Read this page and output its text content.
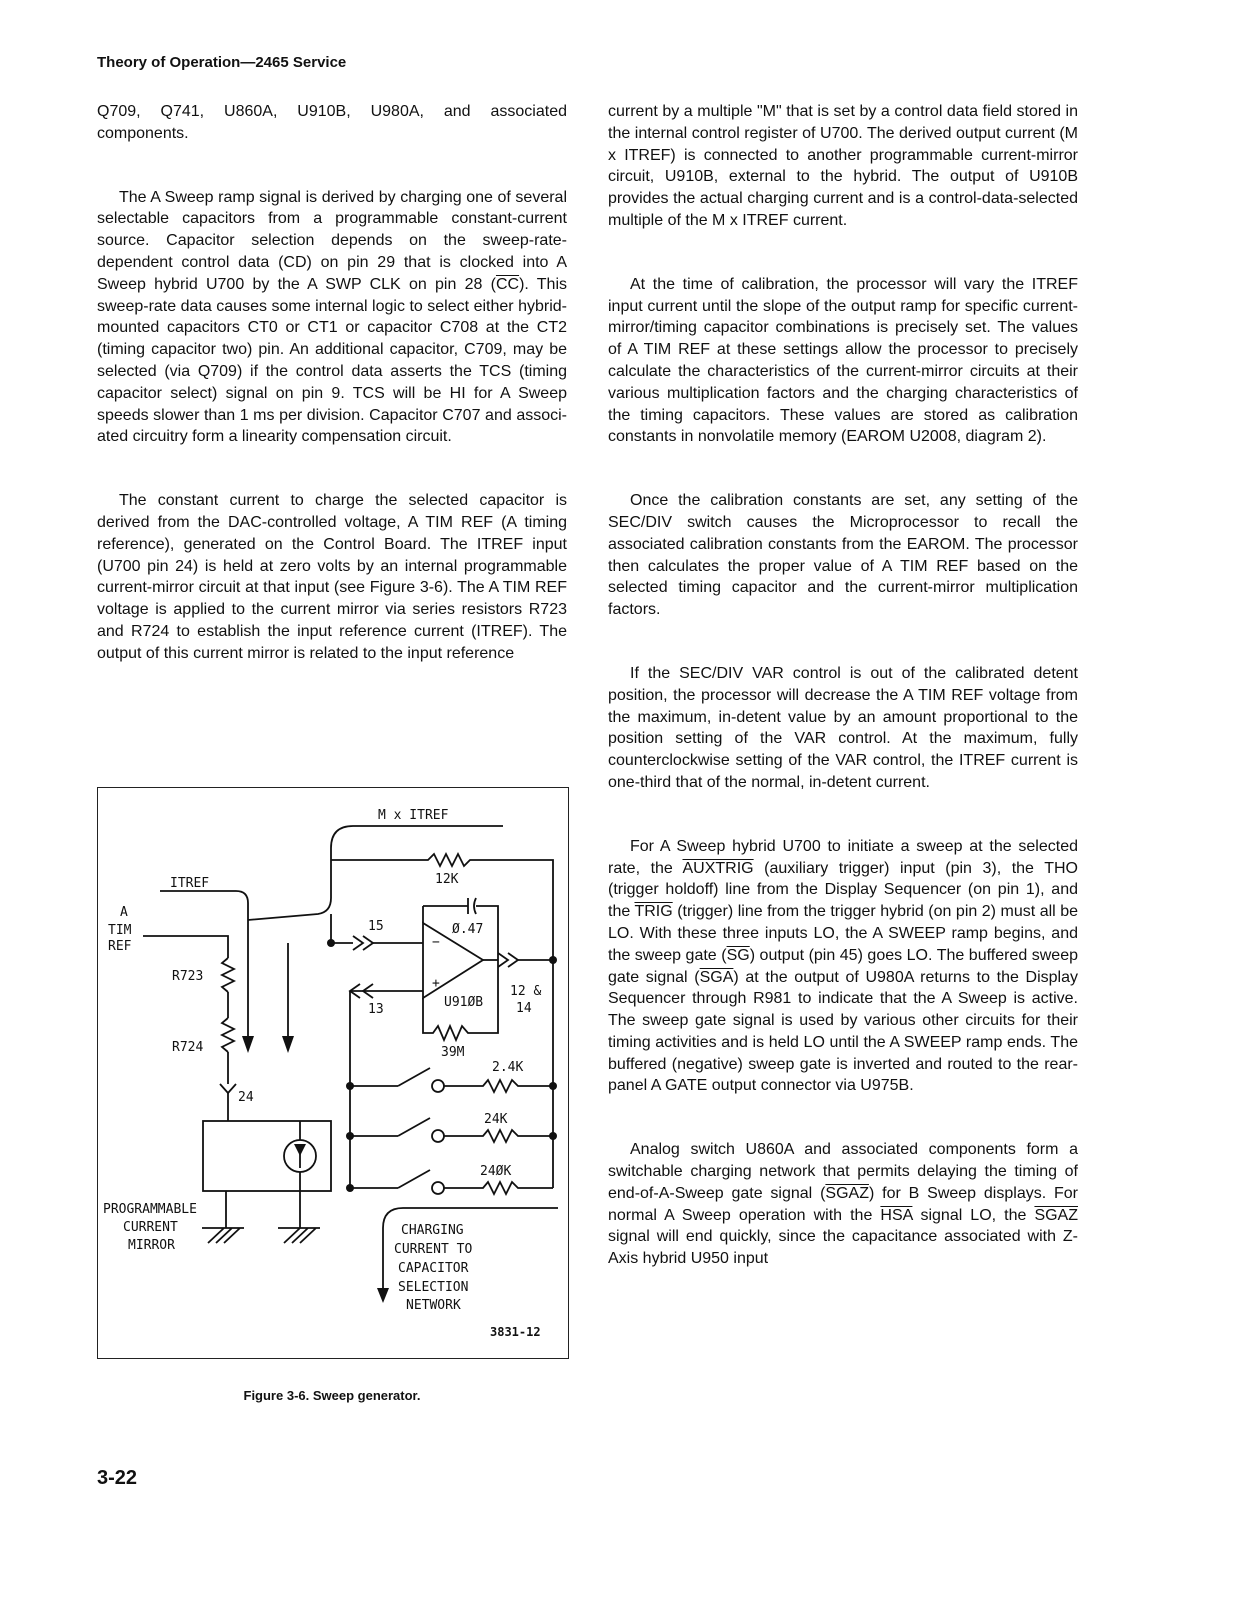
Theory of Operation—2465 Service

Q709, Q741, U860A, U910B, U980A, and associated components.

The A Sweep ramp signal is derived by charging one of several selectable capacitors from a programmable constant-current source. Capacitor selection depends on the sweep-rate-dependent control data (CD) on pin 29 that is clocked into A Sweep hybrid U700 by the A SWP CLK on pin 28 $(\overline{CC})$. This sweep-rate data causes some internal logic to select either hybrid-mounted capacitors CT0 or CT1 or capacitor C708 at the CT2 (timing capacitor two) pin. An additional capacitor, C709, may be selected (via Q709) if the control data asserts the TCS (timing capacitor select) signal on pin 9. TCS will be HI for A Sweep speeds slower than 1 ms per division. Capacitor C707 and associ-ated circuitry form a linearity compensation circuit.

The constant current to charge the selected capacitor is derived from the DAC-controlled voltage, A TIM REF (A timing reference), generated on the Control Board. The ITREF input (U700 pin 24) is held at zero volts by an internal programmable current-mirror circuit at that input (see Figure 3-6). The A TIM REF voltage is applied to the current mirror via series resistors R723 and R724 to establish the input reference current (ITREF). The output of this current mirror is related to the input reference

M x ITREF
ITREF
A
TIM
REF
R723
R724
24
12K
Ø.47
15
13
+
−
U91ØB
12 &
14
39M
2.4K
24K
24ØK
PROGRAMMABLE
CURRENT
MIRROR
CHARGING
CURRENT TO
CAPACITOR
SELECTION
NETWORK
3831-12
Figure 3-6. Sweep generator.

current by a multiple "M" that is set by a control data field stored in the internal control register of U700. The derived output current (M x ITREF) is connected to another programmable current-mirror circuit, U910B, external to the hybrid. The output of U910B provides the actual charging current and is a control-data-selected multiple of the M x ITREF current.

At the time of calibration, the processor will vary the ITREF input current until the slope of the output ramp for specific current-mirror/timing capacitor combinations is precisely set. The values of A TIM REF at these settings allow the processor to precisely calculate the characteristics of the current-mirror circuits at their various multiplication factors and the charging characteristics of the timing capacitors. These values are stored as calibration constants in nonvolatile memory (EAROM U2008, diagram 2).

Once the calibration constants are set, any setting of the SEC/DIV switch causes the Microprocessor to recall the associated calibration constants from the EAROM. The processor then calculates the proper value of A TIM REF based on the selected timing capacitor and the current-mirror multiplication factors.

If the SEC/DIV VAR control is out of the calibrated detent position, the processor will decrease the A TIM REF voltage from the maximum, in-detent value by an amount proportional to the position setting of the VAR control. At the maximum, fully counterclockwise setting of the VAR control, the ITREF current is one-third that of the normal, in-detent current.

For A Sweep hybrid U700 to initiate a sweep at the selected rate, the AUXTRIG (auxiliary trigger) input (pin 3), the THO (trigger holdoff) line from the Display Sequencer (on pin 1), and the TRIG (trigger) line from the trigger hybrid (on pin 2) must all be LO. With these three inputs LO, the A SWEEP ramp begins, and the sweep gate $(\overline{SG})$ output (pin 45) goes LO. The buffered sweep gate signal $(\overline{SGA})$ at the output of U980A returns to the Display Sequencer through R981 to indicate that the A Sweep is active. The sweep gate signal is used by various other circuits for their timing activities and is held LO until the A SWEEP ramp ends. The buffered (negative) sweep gate is inverted and routed to the rear-panel A GATE output connector via U975B.

Analog switch U860A and associated components form a switchable charging network that permits delaying the timing of end-of-A-Sweep gate signal (SGAZ) for B Sweep displays. For normal A Sweep operation with the $\overline{HSA}$ signal LO, the SGAZ signal will end quickly, since the capacitance associated with Z-Axis hybrid U950 input

3-22
